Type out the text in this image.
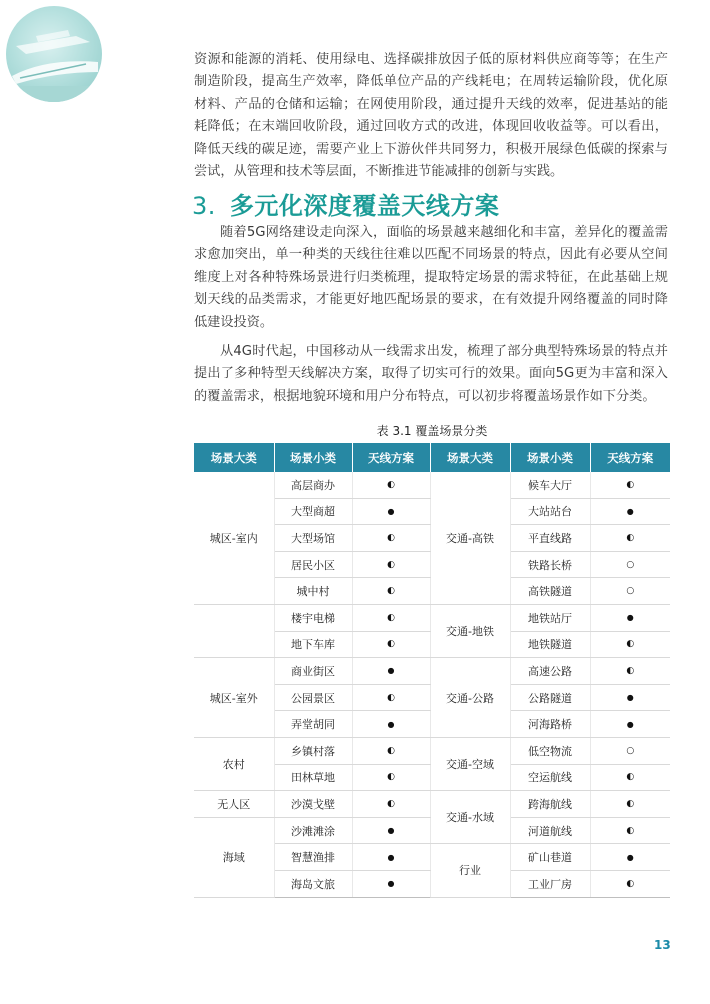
资源和能源的消耗、使用绿电、选择碳排放因子低的原材料供应商等等；在生产制造阶段，提高生产效率，降低单位产品的产线耗电；在周转运输阶段，优化原材料、产品的仓储和运输；在网使用阶段，通过提升天线的效率，促进基站的能耗降低；在末端回收阶段，通过回收方式的改进，体现回收收益等。可以看出，降低天线的碳足迹，需要产业上下游伙伴共同努力，积极开展绿色低碳的探索与尝试，从管理和技术等层面，不断推进节能减排的创新与实践。

3. 多元化深度覆盖天线方案

随着5G网络建设走向深入，面临的场景越来越细化和丰富，差异化的覆盖需求愈加突出，单一种类的天线往往难以匹配不同场景的特点，因此有必要从空间维度上对各种特殊场景进行归类梳理，提取特定场景的需求特征，在此基础上规划天线的品类需求，才能更好地匹配场景的要求，在有效提升网络覆盖的同时降低建设投资。

从4G时代起，中国移动从一线需求出发，梳理了部分典型特殊场景的特点并提出了多种特型天线解决方案，取得了切实可行的效果。面向5G更为丰富和深入的覆盖需求，根据地貌环境和用户分布特点，可以初步将覆盖场景作如下分类。

表 3.1 覆盖场景分类
场景大类	场景小类	天线方案	场景大类	场景小类	天线方案
城区-室内	高层商办	◐	交通-高铁	候车大厅	◐
	大型商超	●		大站站台	●
	大型场馆	◐		平直线路	◐
	居民小区	◐		铁路长桥	○
	城中村	◐		高铁隧道	○
	楼宇电梯	◐	交通-地铁	地铁站厅	●
	地下车库	◐		地铁隧道	◐
城区-室外	商业街区	●	交通-公路	高速公路	◐
	公园景区	◐		公路隧道	●
	弄堂胡同	●		河海路桥	●
农村	乡镇村落	◐	交通-空域	低空物流	○
	田林草地	◐		空运航线	◐
无人区	沙漠戈壁	◐	交通-水域	跨海航线	◐
海域	沙滩滩涂	●		河道航线	◐
	智慧渔排	●	行业	矿山巷道	●
	海岛文旅	●		工业厂房	◐
13
